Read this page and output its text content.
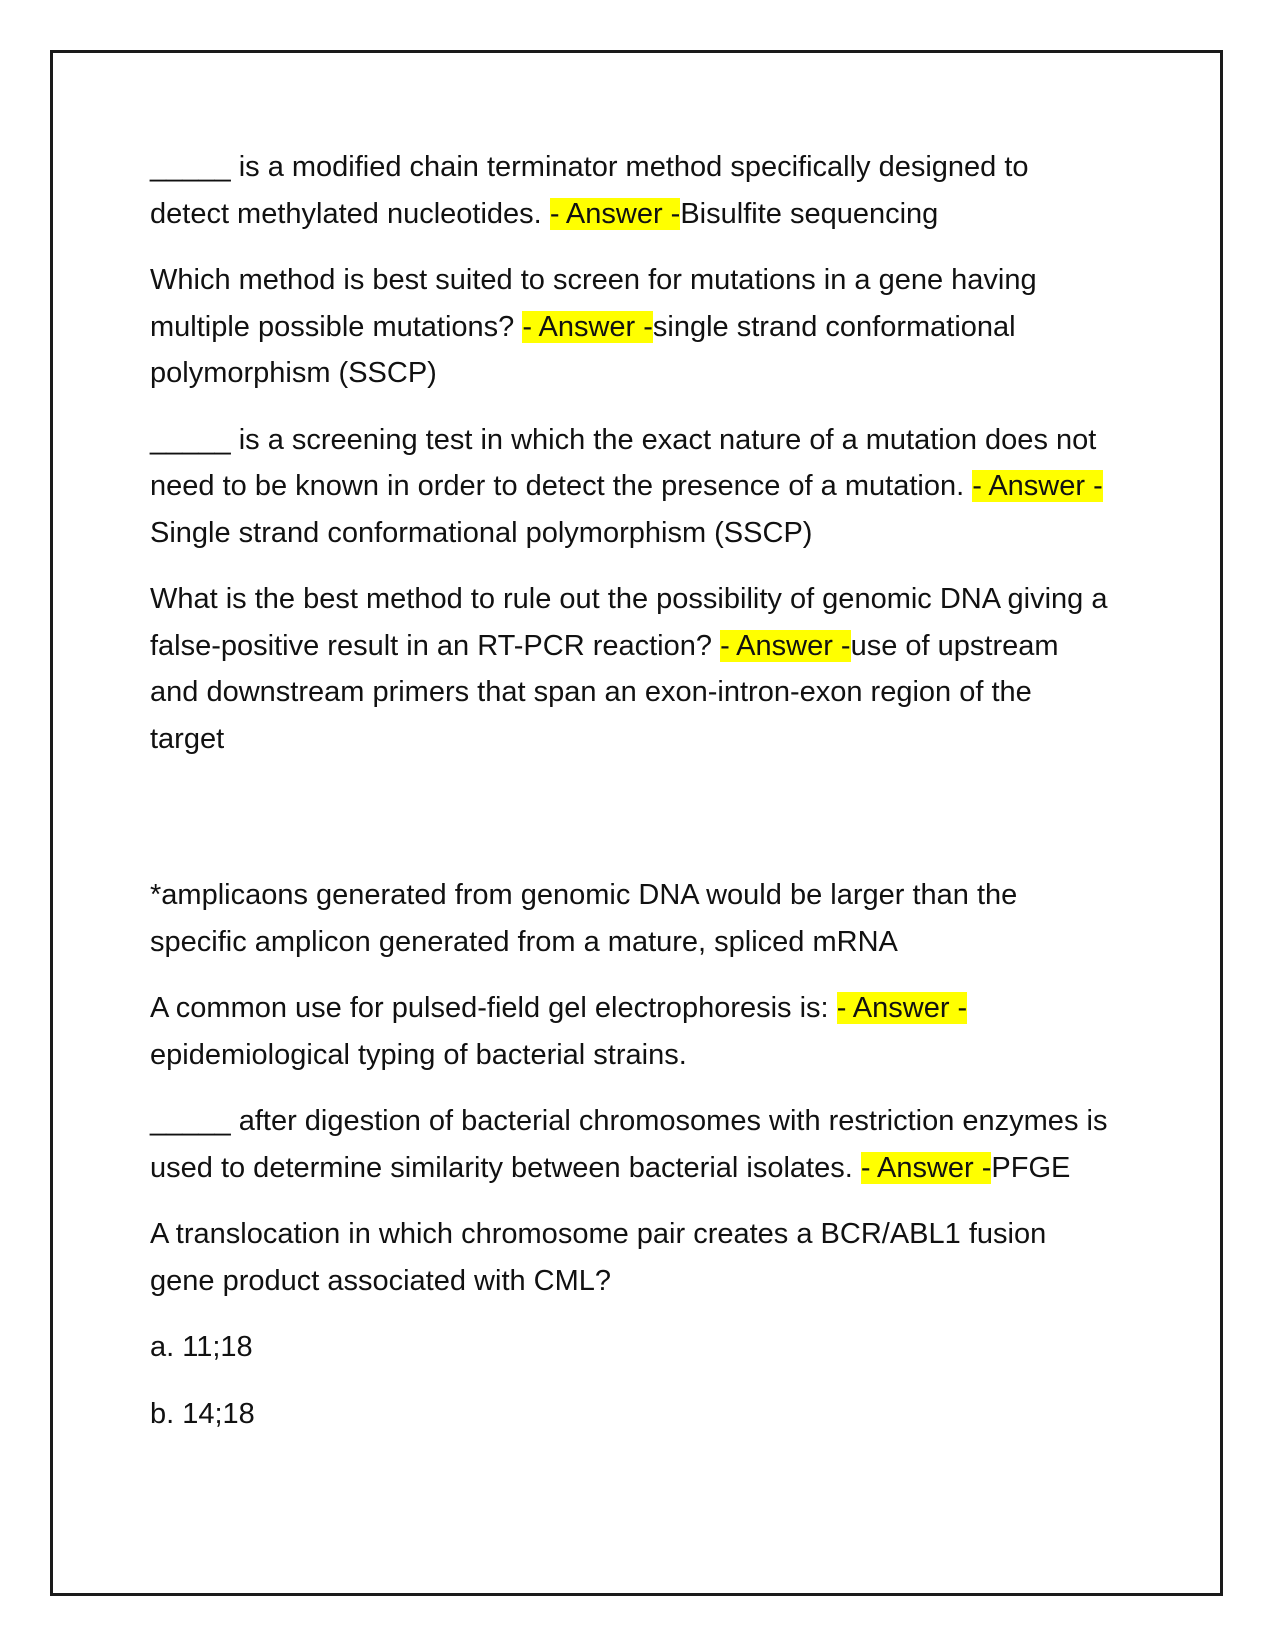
_____ is a modified chain terminator method specifically designed to detect methylated nucleotides. - Answer -Bisulfite sequencing

Which method is best suited to screen for mutations in a gene having multiple possible mutations? - Answer -single strand conformational polymorphism (SSCP)

_____ is a screening test in which the exact nature of a mutation does not need to be known in order to detect the presence of a mutation. - Answer -Single strand conformational polymorphism (SSCP)

What is the best method to rule out the possibility of genomic DNA giving a false-positive result in an RT-PCR reaction? - Answer -use of upstream and downstream primers that span an exon-intron-exon region of the target

*amplicaons generated from genomic DNA would be larger than the specific amplicon generated from a mature, spliced mRNA

A common use for pulsed-field gel electrophoresis is: - Answer -epidemiological typing of bacterial strains.

_____ after digestion of bacterial chromosomes with restriction enzymes is used to determine similarity between bacterial isolates. - Answer -PFGE

A translocation in which chromosome pair creates a BCR/ABL1 fusion gene product associated with CML?

a. 11;18

b. 14;18
